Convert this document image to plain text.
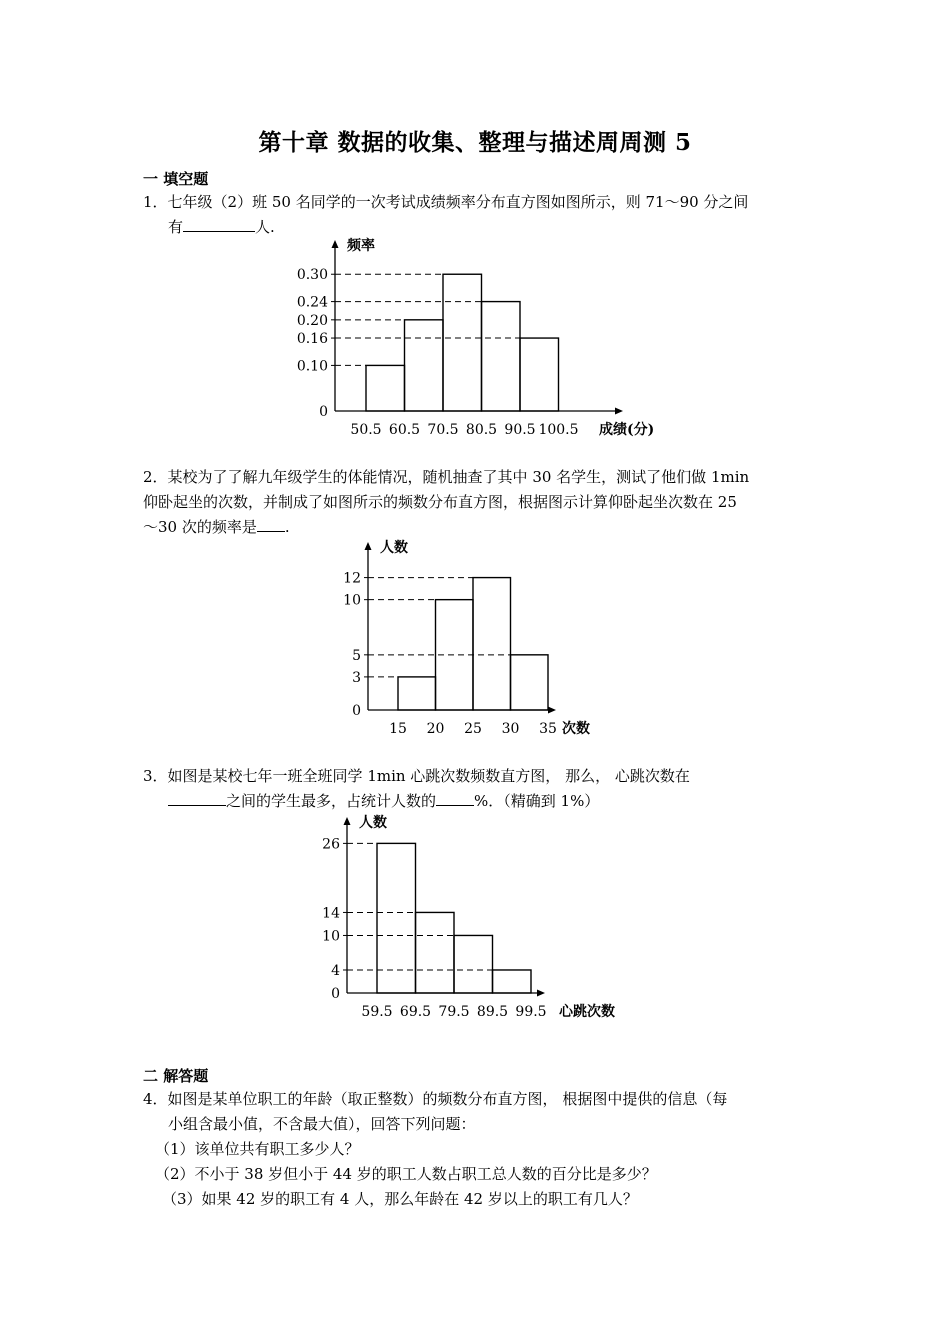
第十章 数据的收集、整理与描述周周测 5
一 填空题
1．七年级（2）班 50 名同学的一次考试成绩频率分布直方图如图所示，则 71～90 分之间
有	人.
频率
成绩(分)
0
0.10
0.16
0.20
0.24
0.30
50.5 60.5 70.5 80.5 90.5 100.5
2．某校为了了解九年级学生的体能情况，随机抽查了其中 30 名学生，测试了他们做 1min
仰卧起坐的次数，并制成了如图所示的频数分布直方图，根据图示计算仰卧起坐次数在 25
～30 次的频率是 .
人数
次数
0
3
5
10
12
15 20 25 30 35
3．如图是某校七年一班全班同学 1min 心跳次数频数直方图， 那么， 心跳次数在
之间的学生最多，占统计人数的	%．（精确到 1%）
人数
心跳次数
0
4
10
14
26
59.5 69.5 79.5 89.5 99.5
二 解答题
4．如图是某单位职工的年龄（取正整数）的频数分布直方图， 根据图中提供的信息（每
小组含最小值，不含最大值），回答下列问题：
（1）该单位共有职工多少人？
（2）不小于 38 岁但小于 44 岁的职工人数占职工总人数的百分比是多少？
（3）如果 42 岁的职工有 4 人，那么年龄在 42 岁以上的职工有几人？
